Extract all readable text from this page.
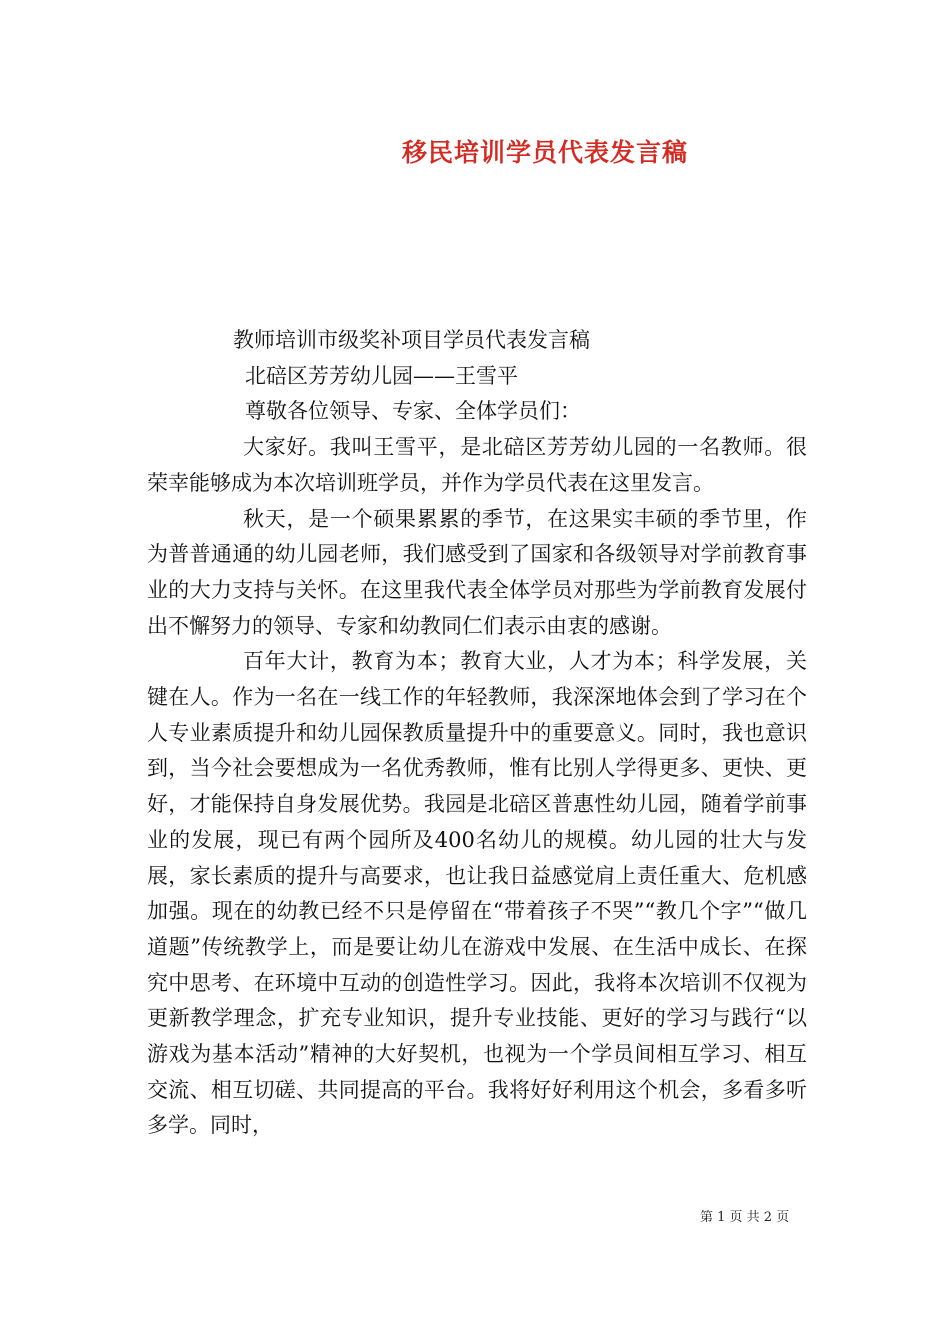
移民培训学员代表发言稿

教师培训市级奖补项目学员代表发言稿

北碚区芳芳幼儿园——王雪平

尊敬各位领导、专家、全体学员们：

大家好。我叫王雪平，是北碚区芳芳幼儿园的一名教师。很荣幸能够成为本次培训班学员，并作为学员代表在这里发言。

秋天，是一个硕果累累的季节，在这果实丰硕的季节里，作为普普通通的幼儿园老师，我们感受到了国家和各级领导对学前教育事业的大力支持与关怀。在这里我代表全体学员对那些为学前教育发展付出不懈努力的领导、专家和幼教同仁们表示由衷的感谢。

百年大计，教育为本；教育大业，人才为本；科学发展，关键在人。作为一名在一线工作的年轻教师，我深深地体会到了学习在个人专业素质提升和幼儿园保教质量提升中的重要意义。同时，我也意识到，当今社会要想成为一名优秀教师，惟有比别人学得更多、更快、更好，才能保持自身发展优势。我园是北碚区普惠性幼儿园，随着学前事业的发展，现已有两个园所及400名幼儿的规模。幼儿园的壮大与发展，家长素质的提升与高要求，也让我日益感觉肩上责任重大、危机感加强。现在的幼教已经不只是停留在“带着孩子不哭”“教几个字”“做几道题”传统教学上，而是要让幼儿在游戏中发展、在生活中成长、在探究中思考、在环境中互动的创造性学习。因此，我将本次培训不仅视为更新教学理念，扩充专业知识，提升专业技能、更好的学习与践行“以游戏为基本活动”精神的大好契机，也视为一个学员间相互学习、相互交流、相互切磋、共同提高的平台。我将好好利用这个机会，多看多听多学。同时，

第 1 页 共 2 页
